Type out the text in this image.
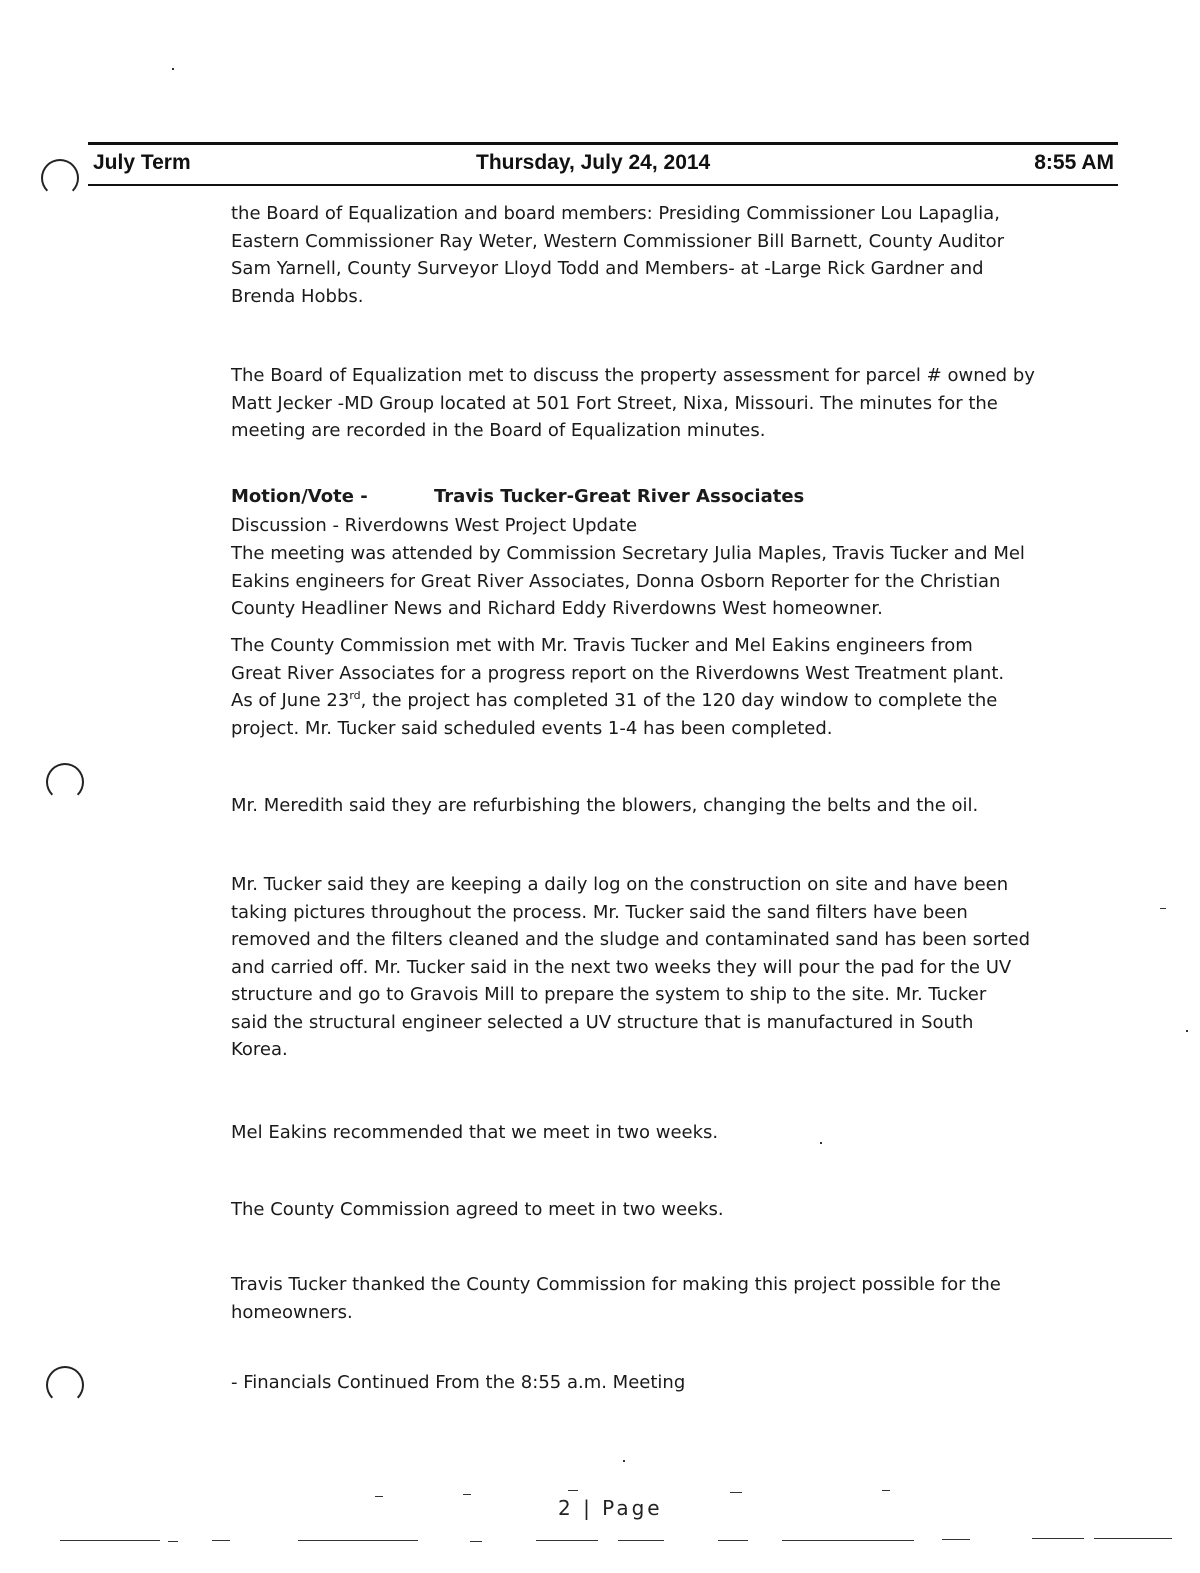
July Term	Thursday, July 24, 2014	8:55 AM
the Board of Equalization and board members: Presiding Commissioner Lou Lapaglia,
Eastern Commissioner Ray Weter, Western Commissioner Bill Barnett, County Auditor
Sam Yarnell, County Surveyor Lloyd Todd and Members- at -Large Rick Gardner and
Brenda Hobbs.
The Board of Equalization met to discuss the property assessment for parcel # owned by
Matt Jecker -MD Group located at 501 Fort Street, Nixa, Missouri. The minutes for the
meeting are recorded in the Board of Equalization minutes.
Motion/Vote -	Travis Tucker-Great River Associates
Discussion - Riverdowns West Project Update
The meeting was attended by Commission Secretary Julia Maples, Travis Tucker and Mel
Eakins engineers for Great River Associates, Donna Osborn Reporter for the Christian
County Headliner News and Richard Eddy Riverdowns West homeowner.
The County Commission met with Mr. Travis Tucker and Mel Eakins engineers from
Great River Associates for a progress report on the Riverdowns West Treatment plant.
As of June 23rd, the project has completed 31 of the 120 day window to complete the
project. Mr. Tucker said scheduled events 1-4 has been completed.
Mr. Meredith said they are refurbishing the blowers, changing the belts and the oil.
Mr. Tucker said they are keeping a daily log on the construction on site and have been
taking pictures throughout the process. Mr. Tucker said the sand filters have been
removed and the filters cleaned and the sludge and contaminated sand has been sorted
and carried off. Mr. Tucker said in the next two weeks they will pour the pad for the UV
structure and go to Gravois Mill to prepare the system to ship to the site. Mr. Tucker
said the structural engineer selected a UV structure that is manufactured in South
Korea.
Mel Eakins recommended that we meet in two weeks.
The County Commission agreed to meet in two weeks.
Travis Tucker thanked the County Commission for making this project possible for the
homeowners.
- Financials Continued From the 8:55 a.m. Meeting
2 | Page
